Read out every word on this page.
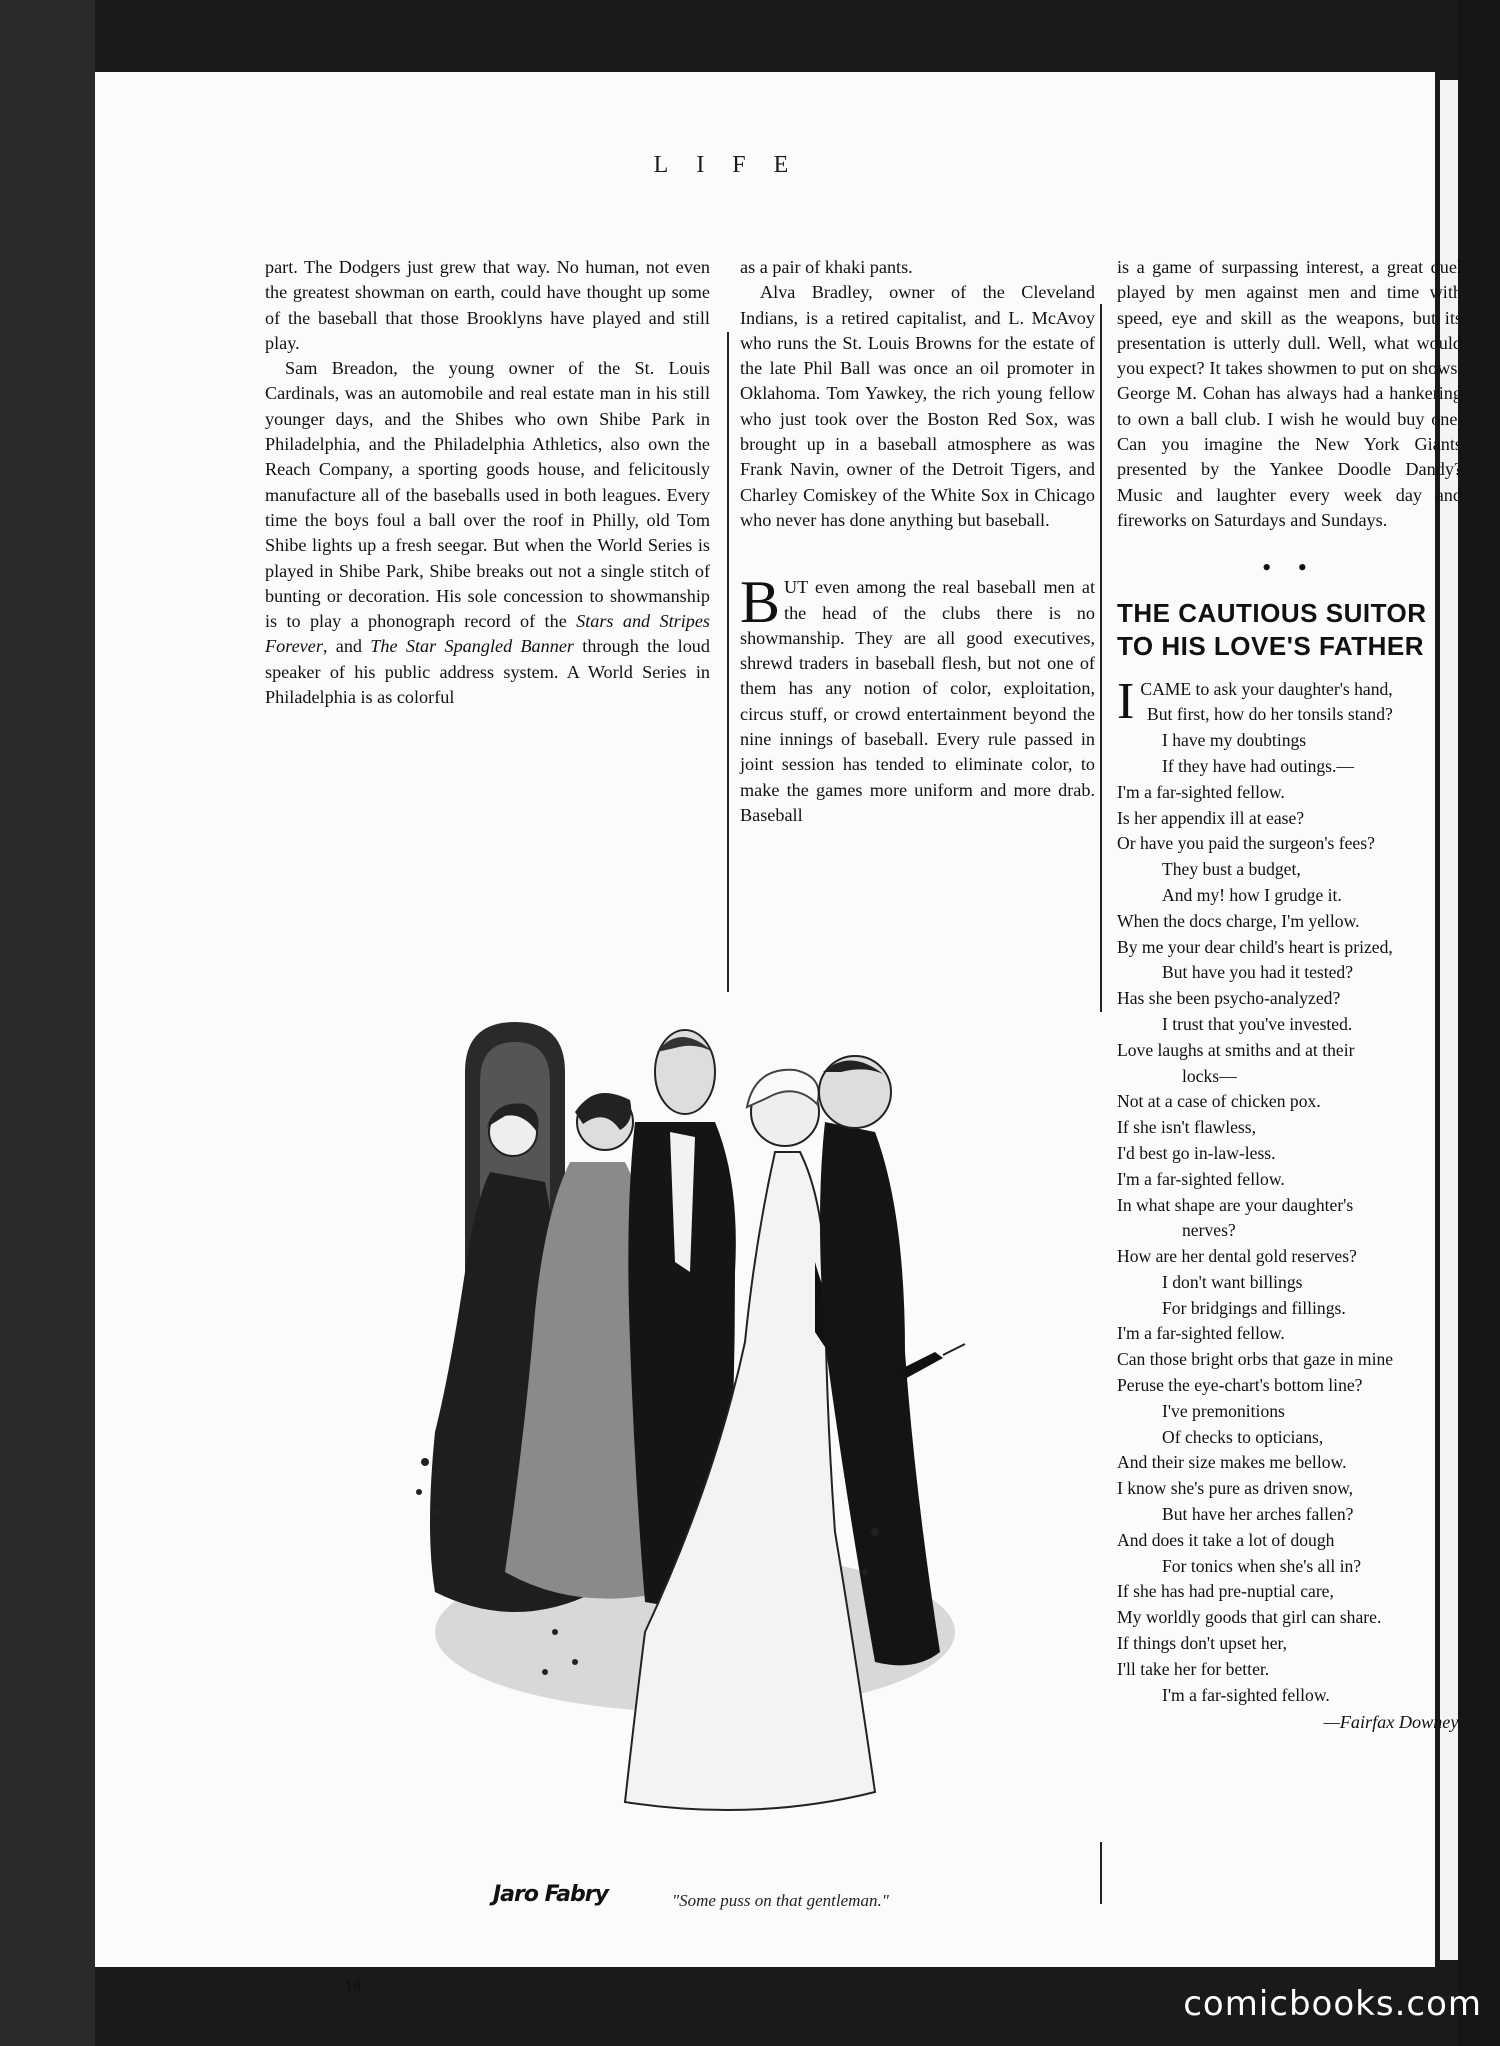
LIFE

part. The Dodgers just grew that way. No human, not even the greatest showman on earth, could have thought up some of the baseball that those Brooklyns have played and still play.

Sam Breadon, the young owner of the St. Louis Cardinals, was an automobile and real estate man in his still younger days, and the Shibes who own Shibe Park in Philadelphia, and the Philadelphia Athletics, also own the Reach Company, a sporting goods house, and felicitously manufacture all of the baseballs used in both leagues. Every time the boys foul a ball over the roof in Philly, old Tom Shibe lights up a fresh seegar. But when the World Series is played in Shibe Park, Shibe breaks out not a single stitch of bunting or decoration. His sole concession to showmanship is to play a phonograph record of the Stars and Stripes Forever, and The Star Spangled Banner through the loud speaker of his public address system. A World Series in Philadelphia is as colorful

as a pair of khaki pants.

Alva Bradley, owner of the Cleveland Indians, is a retired capitalist, and L. McAvoy who runs the St. Louis Browns for the estate of the late Phil Ball was once an oil promoter in Oklahoma. Tom Yawkey, the rich young fellow who just took over the Boston Red Sox, was brought up in a baseball atmosphere as was Frank Navin, owner of the Detroit Tigers, and Charley Comiskey of the White Sox in Chicago who never has done anything but baseball.

BUT even among the real baseball men at the head of the clubs there is no showmanship. They are all good executives, shrewd traders in baseball flesh, but not one of them has any notion of color, exploitation, circus stuff, or crowd entertainment beyond the nine innings of baseball. Every rule passed in joint session has tended to eliminate color, to make the games more uniform and more drab. Baseball

is a game of surpassing interest, a great duel played by men against men and time with speed, eye and skill as the weapons, but its presentation is utterly dull. Well, what would you expect? It takes showmen to put on shows. George M. Cohan has always had a hankering to own a ball club. I wish he would buy one. Can you imagine the New York Giants presented by the Yankee Doodle Dandy? Music and laughter every week day and fireworks on Saturdays and Sundays.

• •
THE CAUTIOUS SUITOR
TO HIS LOVE'S FATHER
I CAME to ask your daughter's hand,
But first, how do her tonsils stand?
I have my doubtings
If they have had outings.—
I'm a far-sighted fellow.
Is her appendix ill at ease?
Or have you paid the surgeon's fees?
They bust a budget,
And my! how I grudge it.
When the docs charge, I'm yellow.
By me your dear child's heart is prized,
But have you had it tested?
Has she been psycho-analyzed?
I trust that you've invested.
Love laughs at smiths and at their
locks—
Not at a case of chicken pox.
If she isn't flawless,
I'd best go in-law-less.
I'm a far-sighted fellow.
In what shape are your daughter's
nerves?
How are her dental gold reserves?
I don't want billings
For bridgings and fillings.
I'm a far-sighted fellow.
Can those bright orbs that gaze in mine
Peruse the eye-chart's bottom line?
I've premonitions
Of checks to opticians,
And their size makes me bellow.
I know she's pure as driven snow,
But have her arches fallen?
And does it take a lot of dough
For tonics when she's all in?
If she has had pre-nuptial care,
My worldly goods that girl can share.
If things don't upset her,
I'll take her for better.
I'm a far-sighted fellow.
—Fairfax Downey.
Jaro Fabry	"Some puss on that gentleman."
18	comicbooks.com
